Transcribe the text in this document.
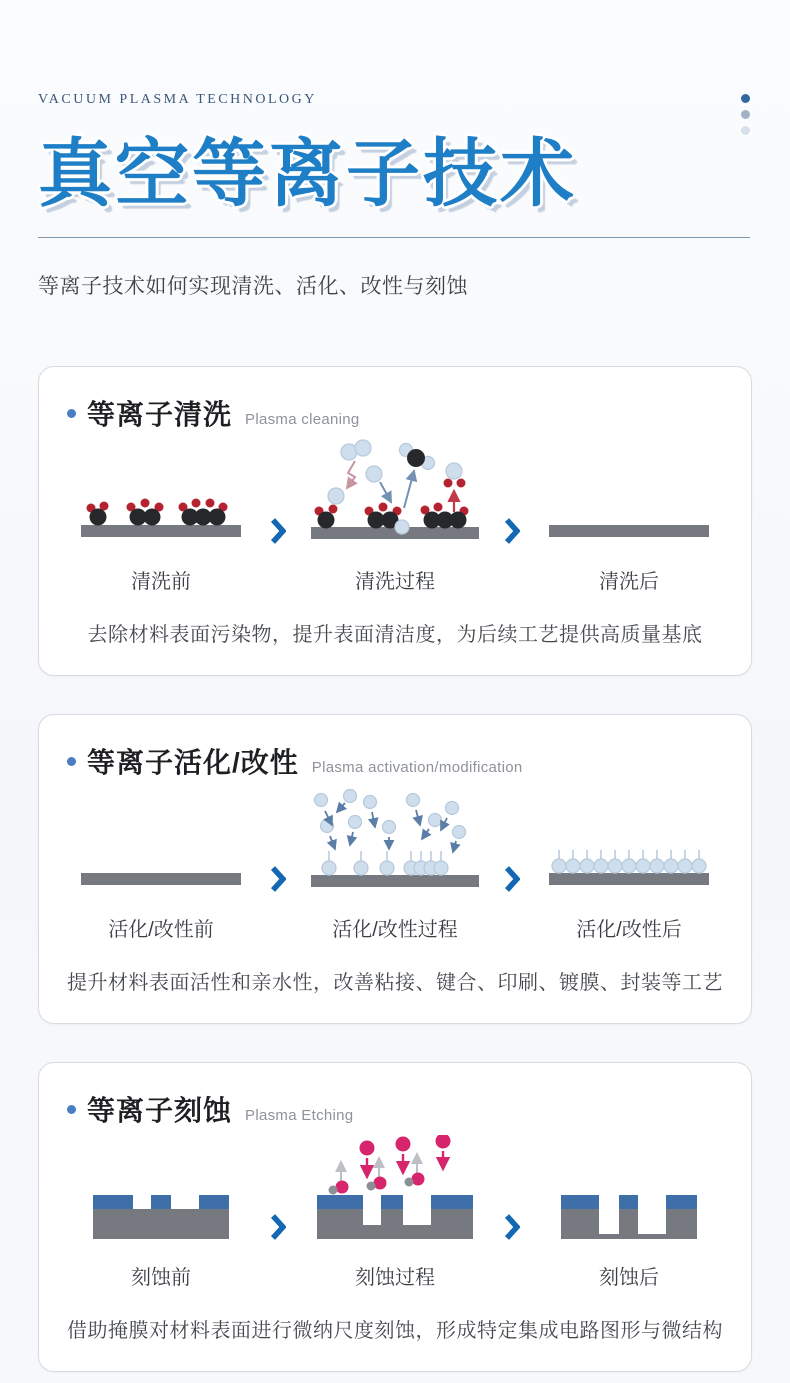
VACUUM PLASMA TECHNOLOGY
真空等离子技术
等离子技术如何实现清洗、活化、改性与刻蚀
等离子清洗 Plasma cleaning
清洗前	清洗过程	清洗后

去除材料表面污染物，提升表面清洁度，为后续工艺提供高质量基底

等离子活化/改性 Plasma activation/modification
活化/改性前	活化/改性过程	活化/改性后

提升材料表面活性和亲水性，改善粘接、键合、印刷、镀膜、封装等工艺

等离子刻蚀 Plasma Etching
刻蚀前	刻蚀过程	刻蚀后

借助掩膜对材料表面进行微纳尺度刻蚀，形成特定集成电路图形与微结构
